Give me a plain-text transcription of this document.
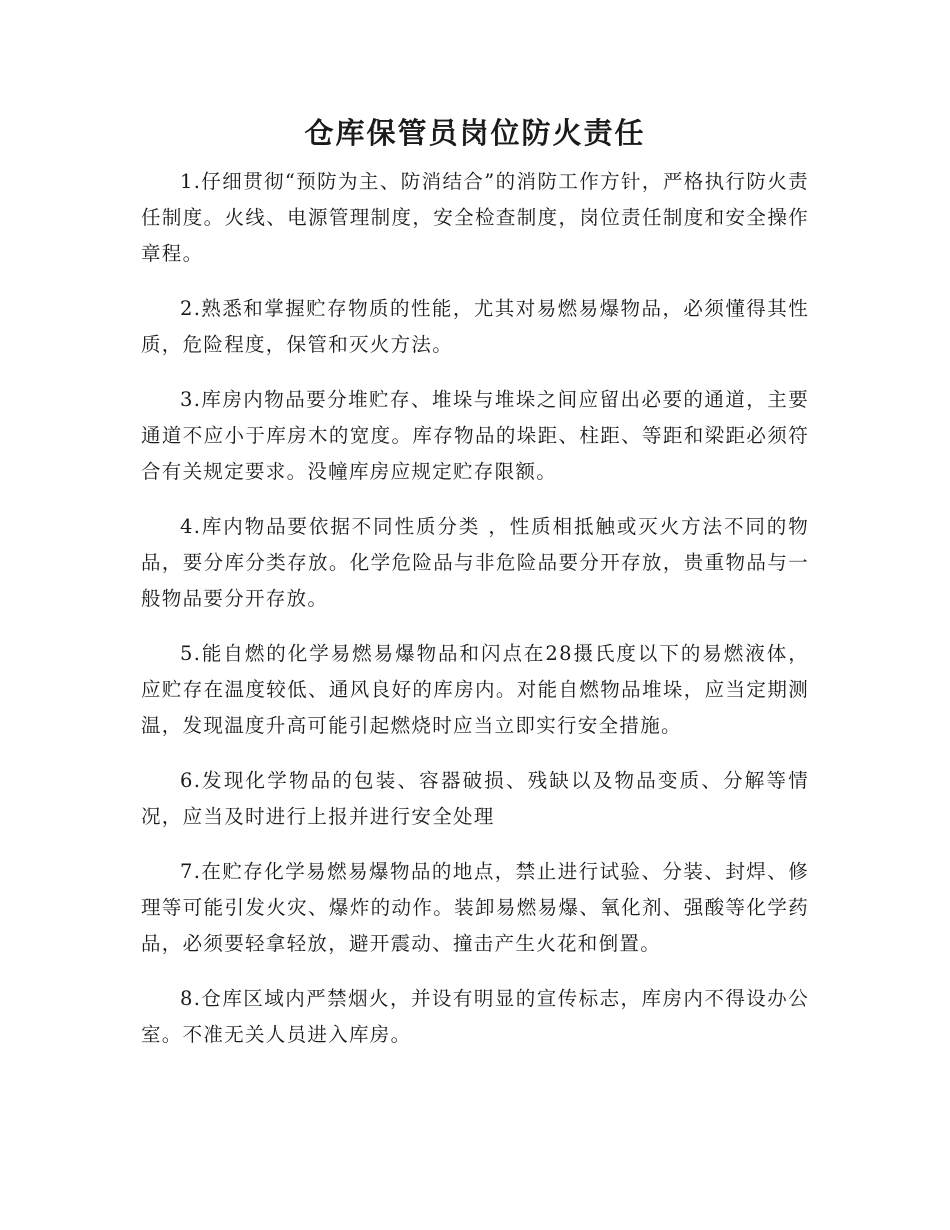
仓库保管员岗位防火责任

1.仔细贯彻“预防为主、防消结合”的消防工作方针，严格执行防火责任制度。火线、电源管理制度，安全检查制度，岗位责任制度和安全操作章程。

2.熟悉和掌握贮存物质的性能，尤其对易燃易爆物品，必须懂得其性质，危险程度，保管和灭火方法。

3.库房内物品要分堆贮存、堆垛与堆垛之间应留出必要的通道，主要通道不应小于库房木的宽度。库存物品的垛距、柱距、等距和梁距必须符合有关规定要求。没幢库房应规定贮存限额。

4.库内物品要依据不同性质分类 ，性质相抵触或灭火方法不同的物品，要分库分类存放。化学危险品与非危险品要分开存放，贵重物品与一般物品要分开存放。

5.能自燃的化学易燃易爆物品和闪点在28摄氏度以下的易燃液体，应贮存在温度较低、通风良好的库房内。对能自燃物品堆垛，应当定期测温，发现温度升高可能引起燃烧时应当立即实行安全措施。

6.发现化学物品的包装、容器破损、残缺以及物品变质、分解等情况，应当及时进行上报并进行安全处理

7.在贮存化学易燃易爆物品的地点，禁止进行试验、分装、封焊、修理等可能引发火灾、爆炸的动作。装卸易燃易爆、氧化剂、强酸等化学药品，必须要轻拿轻放，避开震动、撞击产生火花和倒置。

8.仓库区域内严禁烟火，并设有明显的宣传标志，库房内不得设办公室。不准无关人员进入库房。
